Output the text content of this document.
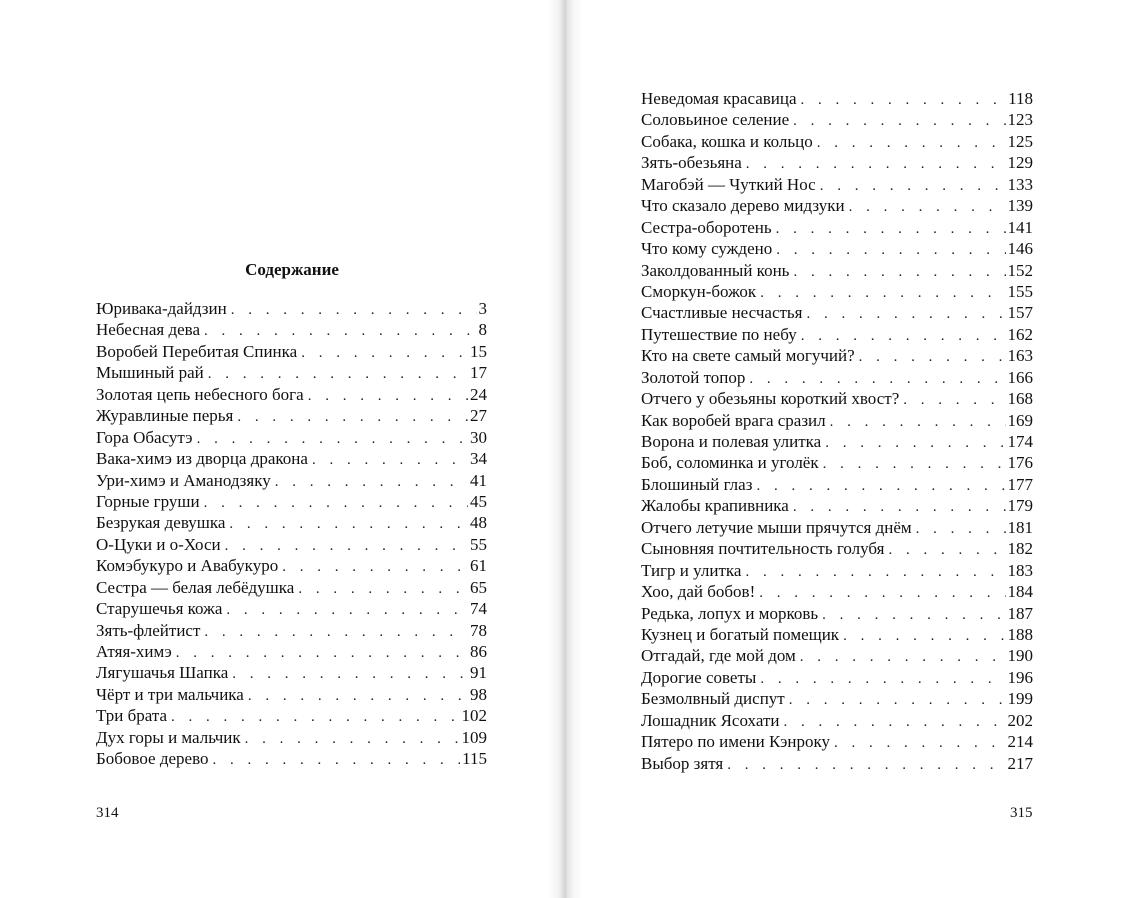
Содержание
Юривака-дайдзин . . .	3
Небесная дева . . .	8
Воробей Перебитая Спинка . . .	15
Мышиный рай . . .	17
Золотая цепь небесного бога . . .	24
Журавлиные перья . . .	27
Гора Обасутэ . . .	30
Вака-химэ из дворца дракона . . .	34
Ури-химэ и Аманодзяку . . .	41
Горные груши . . .	45
Безрукая девушка . . .	48
О-Цуки и о-Хоси . . .	55
Комэбукуро и Авабукуро . . .	61
Сестра — белая лебёдушка . . .	65
Старушечья кожа . . .	74
Зять-флейтист . . .	78
Атяя-химэ . . .	86
Лягушачья Шапка . . .	91
Чёрт и три мальчика . . .	98
Три брата . . .	102
Дух горы и мальчик . . .	109
Бобовое дерево . . .	115
314
Неведомая красавица . . .	118
Соловьиное селение . . .	123
Собака, кошка и кольцо . . .	125
Зять-обезьяна . . .	129
Магобэй — Чуткий Нос . . .	133
Что сказало дерево мидзуки . . .	139
Сестра-оборотень . . .	141
Что кому суждено . . .	146
Заколдованный конь . . .	152
Сморкун-божок . . .	155
Счастливые несчастья . . .	157
Путешествие по небу . . .	162
Кто на свете самый могучий? . . .	163
Золотой топор . . .	166
Отчего у обезьяны короткий хвост? . . .	168
Как воробей врага сразил . . .	169
Ворона и полевая улитка . . .	174
Боб, соломинка и уголёк . . .	176
Блошиный глаз . . .	177
Жалобы крапивника . . .	179
Отчего летучие мыши прячутся днём . . .	181
Сыновняя почтительность голубя . . .	182
Тигр и улитка . . .	183
Хоо, дай бобов! . . .	184
Редька, лопух и морковь . . .	187
Кузнец и богатый помещик . . .	188
Отгадай, где мой дом . . .	190
Дорогие советы . . .	196
Безмолвный диспут . . .	199
Лошадник Ясохати . . .	202
Пятеро по имени Кэнроку . . .	214
Выбор зятя . . .	217
315
